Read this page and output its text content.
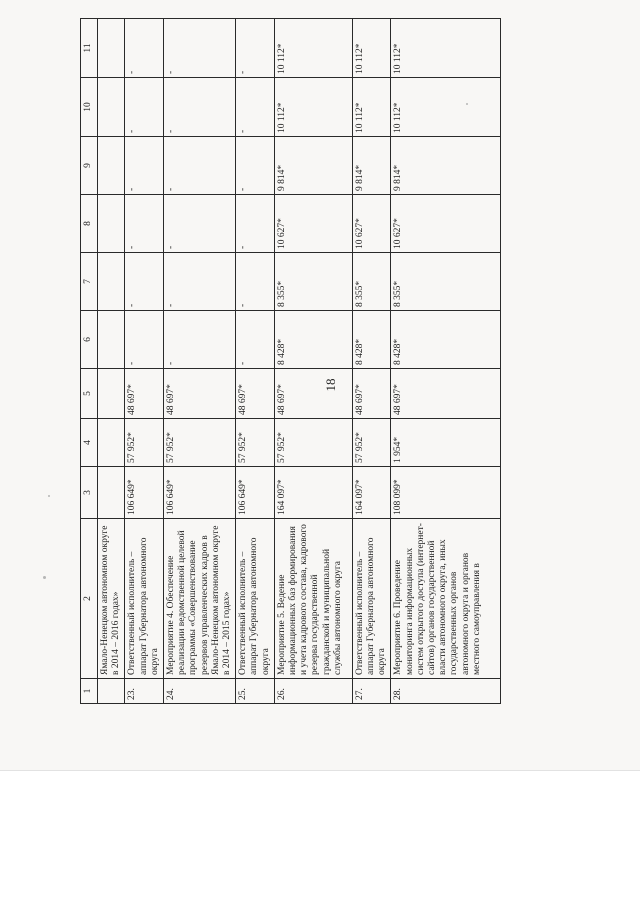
18
1	2	3	4	5	6	7	8	9	10	11
	Ямало-Ненецком автономном округе в 2014 – 2016 годах»									
23.	Ответственный исполнитель – аппарат Губернатора автономного округа	106 649*	57 952*	48 697*	-	-	-	-	-	-
24.	Мероприятие 4. Обеспечение реализации ведомственной целевой программы «Совершенствование резервов управленческих кадров в Ямало-Ненецком автономном округе в 2014 – 2015 годах»	106 649*	57 952*	48 697*	-	-	-	-	-	-
25.	Ответственный исполнитель – аппарат Губернатора автономного округа	106 649*	57 952*	48 697*	-	-	-	-	-	-
26.	Мероприятие 5. Ведение информационных баз формирования и учета кадрового состава, кадрового резерва государственной гражданской и муниципальной службы автономного округа	164 097*	57 952*	48 697*	8 428*	8 355*	10 627*	9 814*	10 112*	10 112*
27.	Ответственный исполнитель – аппарат Губернатора автономного округа	164 097*	57 952*	48 697*	8 428*	8 355*	10 627*	9 814*	10 112*	10 112*
28.	Мероприятие 6. Проведение мониторинга информационных систем открытого доступа (интернет-сайтов) органов государственной власти автономного округа, иных государственных органов автономного округа и органов местного самоуправления в	108 099*	1 954*	48 697*	8 428*	8 355*	10 627*	9 814*	10 112*	10 112*
